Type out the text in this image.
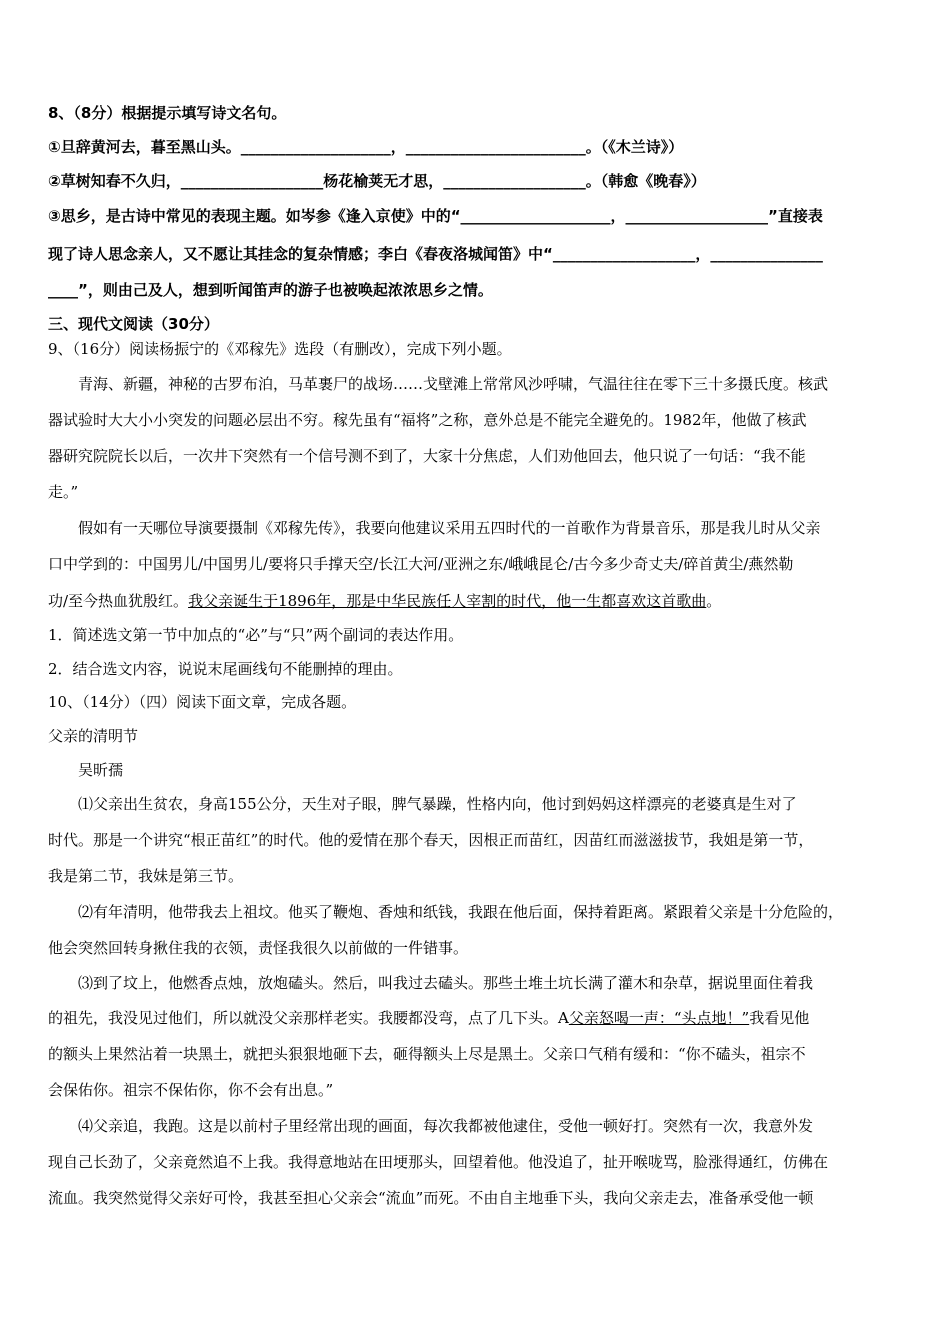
8、（8分）根据提示填写诗文名句。
①旦辞黄河去，暮至黑山头。____________________，________________________。（《木兰诗》）
②草树知春不久归，___________________杨花榆荚无才思，___________________。（韩愈《晚春》）
③思乡，是古诗中常见的表现主题。如岑参《逢入京使》中的“____________________，___________________”直接表
现了诗人思念亲人，又不愿让其挂念的复杂情感；李白《春夜洛城闻笛》中“___________________，_______________
____”，则由己及人，想到听闻笛声的游子也被唤起浓浓思乡之情。
三、现代文阅读（30分）
9、（16分）阅读杨振宁的《邓稼先》选段（有删改），完成下列小题。
青海、新疆，神秘的古罗布泊，马革裹尸的战场……戈壁滩上常常风沙呼啸，气温往往在零下三十多摄氏度。核武
器试验时大大小小突发的问题必层出不穷。稼先虽有“福将”之称，意外总是不能完全避免的。1982年，他做了核武
器研究院院长以后，一次井下突然有一个信号测不到了，大家十分焦虑，人们劝他回去，他只说了一句话：“我不能
走。”
假如有一天哪位导演要摄制《邓稼先传》，我要向他建议采用五四时代的一首歌作为背景音乐，那是我儿时从父亲
口中学到的：中国男儿/中国男儿/要将只手撑天空/长江大河/亚洲之东/峨峨昆仑/古今多少奇丈夫/碎首黄尘/燕然勒
功/至今热血犹殷红。我父亲诞生于1896年，那是中华民族任人宰割的时代，他一生都喜欢这首歌曲。
1．简述选文第一节中加点的“必”与“只”两个副词的表达作用。
2．结合选文内容，说说末尾画线句不能删掉的理由。
10、（14分）（四）阅读下面文章，完成各题。
父亲的清明节
吴昕孺
⑴父亲出生贫农，身高155公分，天生对子眼，脾气暴躁，性格内向，他讨到妈妈这样漂亮的老婆真是生对了
时代。那是一个讲究“根正苗红”的时代。他的爱情在那个春天，因根正而苗红，因苗红而滋滋拔节，我姐是第一节，
我是第二节，我妹是第三节。
⑵有年清明，他带我去上祖坟。他买了鞭炮、香烛和纸钱，我跟在他后面，保持着距离。紧跟着父亲是十分危险的，
他会突然回转身揪住我的衣领，责怪我很久以前做的一件错事。
⑶到了坟上，他燃香点烛，放炮磕头。然后，叫我过去磕头。那些土堆土坑长满了灌木和杂草，据说里面住着我
的祖先，我没见过他们，所以就没父亲那样老实。我腰都没弯，点了几下头。A父亲怒喝一声：“头点地！”我看见他
的额头上果然沾着一块黑土，就把头狠狠地砸下去，砸得额头上尽是黑土。父亲口气稍有缓和：“你不磕头，祖宗不
会保佑你。祖宗不保佑你，你不会有出息。”
⑷父亲追，我跑。这是以前村子里经常出现的画面，每次我都被他逮住，受他一顿好打。突然有一次，我意外发
现自己长劲了，父亲竟然追不上我。我得意地站在田埂那头，回望着他。他没追了，扯开喉咙骂，脸涨得通红，仿佛在
流血。我突然觉得父亲好可怜，我甚至担心父亲会“流血”而死。不由自主地垂下头，我向父亲走去，准备承受他一顿
